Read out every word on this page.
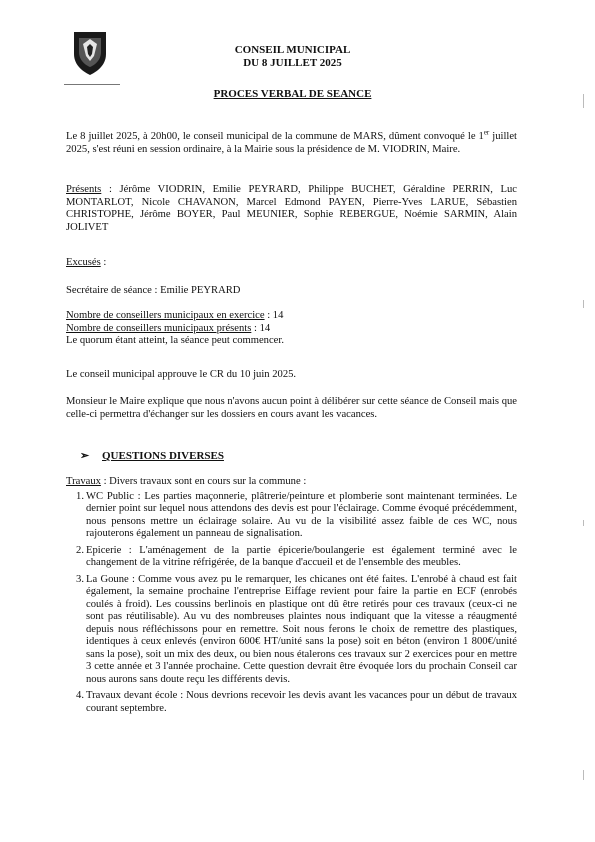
CONSEIL MUNICIPAL
DU 8 JUILLET 2025
PROCES VERBAL DE SEANCE
Le 8 juillet 2025, à 20h00, le conseil municipal de la commune de MARS, dûment convoqué le 1er juillet 2025, s'est réuni en session ordinaire, à la Mairie sous la présidence de M. VIODRIN, Maire.
Présents : Jérôme VIODRIN, Emilie PEYRARD, Philippe BUCHET, Géraldine PERRIN, Luc MONTARLOT, Nicole CHAVANON, Marcel Edmond PAYEN, Pierre-Yves LARUE, Sébastien CHRISTOPHE, Jérôme BOYER, Paul MEUNIER, Sophie REBERGUE, Noémie SARMIN, Alain JOLIVET
Excusés :
Secrétaire de séance : Emilie PEYRARD
Nombre de conseillers municipaux en exercice : 14
Nombre de conseillers municipaux présents : 14
Le quorum étant atteint, la séance peut commencer.
Le conseil municipal approuve le CR du 10 juin 2025.
Monsieur le Maire explique que nous n'avons aucun point à délibérer sur cette séance de Conseil mais que celle-ci permettra d'échanger sur les dossiers en cours avant les vacances.
➢ QUESTIONS DIVERSES
Travaux : Divers travaux sont en cours sur la commune :
1. WC Public : Les parties maçonnerie, plâtrerie/peinture et plomberie sont maintenant terminées. Le dernier point sur lequel nous attendons des devis est pour l'éclairage. Comme évoqué précédemment, nous pensons mettre un éclairage solaire. Au vu de la visibilité assez faible de ces WC, nous rajouterons également un panneau de signalisation.
2. Epicerie : L'aménagement de la partie épicerie/boulangerie est également terminé avec le changement de la vitrine réfrigérée, de la banque d'accueil et de l'ensemble des meubles.
3. La Goune : Comme vous avez pu le remarquer, les chicanes ont été faites. L'enrobé à chaud est fait également, la semaine prochaine l'entreprise Eiffage revient pour faire la partie en ECF (enrobés coulés à froid). Les coussins berlinois en plastique ont dû être retirés pour ces travaux (ceux-ci ne sont pas réutilisable). Au vu des nombreuses plaintes nous indiquant que la vitesse a réaugmenté depuis nous réfléchissons pour en remettre. Soit nous ferons le choix de remettre des plastiques, identiques à ceux enlevés (environ 600€ HT/unité sans la pose) soit en béton (environ 1 800€/unité sans la pose), soit un mix des deux, ou bien nous étalerons ces travaux sur 2 exercices pour en mettre 3 cette année et 3 l'année prochaine. Cette question devrait être évoquée lors du prochain Conseil car nous aurons sans doute reçu les différents devis.
4. Travaux devant école : Nous devrions recevoir les devis avant les vacances pour un début de travaux courant septembre.
